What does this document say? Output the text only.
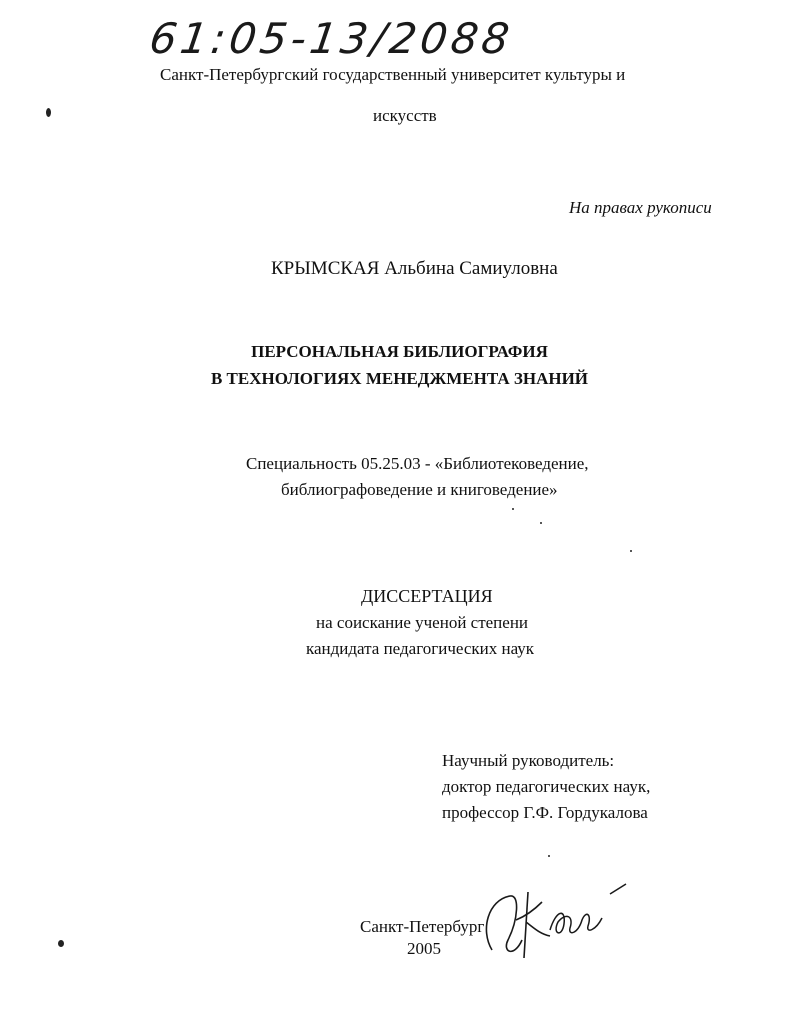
61:05-13/2088
Санкт-Петербургский государственный университет культуры и
искусств
На правах рукописи
КРЫМСКАЯ Альбина Самиуловна
ПЕРСОНАЛЬНАЯ БИБЛИОГРАФИЯ
В ТЕХНОЛОГИЯХ МЕНЕДЖМЕНТА ЗНАНИЙ
Специальность 05.25.03 - «Библиотековедение,
библиографоведение и книговедение»
ДИССЕРТАЦИЯ
на соискание ученой степени
кандидата педагогических наук
Научный руководитель:
доктор педагогических наук,
профессор Г.Ф. Гордукалова
Санкт-Петербург
2005
